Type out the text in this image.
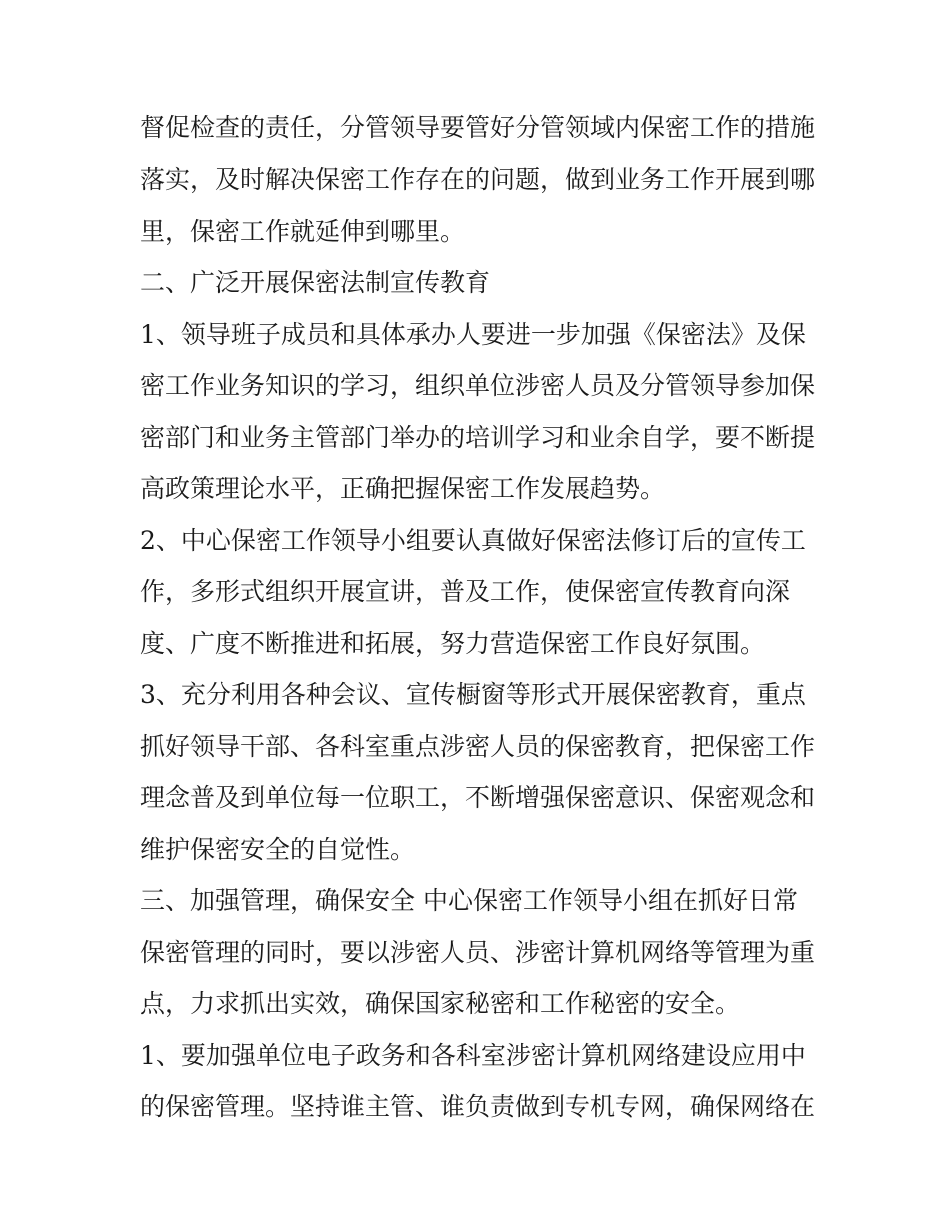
督促检查的责任，分管领导要管好分管领域内保密工作的措施
落实，及时解决保密工作存在的问题，做到业务工作开展到哪
里，保密工作就延伸到哪里。
二、广泛开展保密法制宣传教育
1、领导班子成员和具体承办人要进一步加强《保密法》及保
密工作业务知识的学习，组织单位涉密人员及分管领导参加保
密部门和业务主管部门举办的培训学习和业余自学，要不断提
高政策理论水平，正确把握保密工作发展趋势。
2、中心保密工作领导小组要认真做好保密法修订后的宣传工
作，多形式组织开展宣讲，普及工作，使保密宣传教育向深
度、广度不断推进和拓展，努力营造保密工作良好氛围。
3、充分利用各种会议、宣传橱窗等形式开展保密教育，重点
抓好领导干部、各科室重点涉密人员的保密教育，把保密工作
理念普及到单位每一位职工，不断增强保密意识、保密观念和
维护保密安全的自觉性。
三、加强管理，确保安全 中心保密工作领导小组在抓好日常
保密管理的同时，要以涉密人员、涉密计算机网络等管理为重
点，力求抓出实效，确保国家秘密和工作秘密的安全。
1、要加强单位电子政务和各科室涉密计算机网络建设应用中
的保密管理。坚持谁主管、谁负责做到专机专网，确保网络在
